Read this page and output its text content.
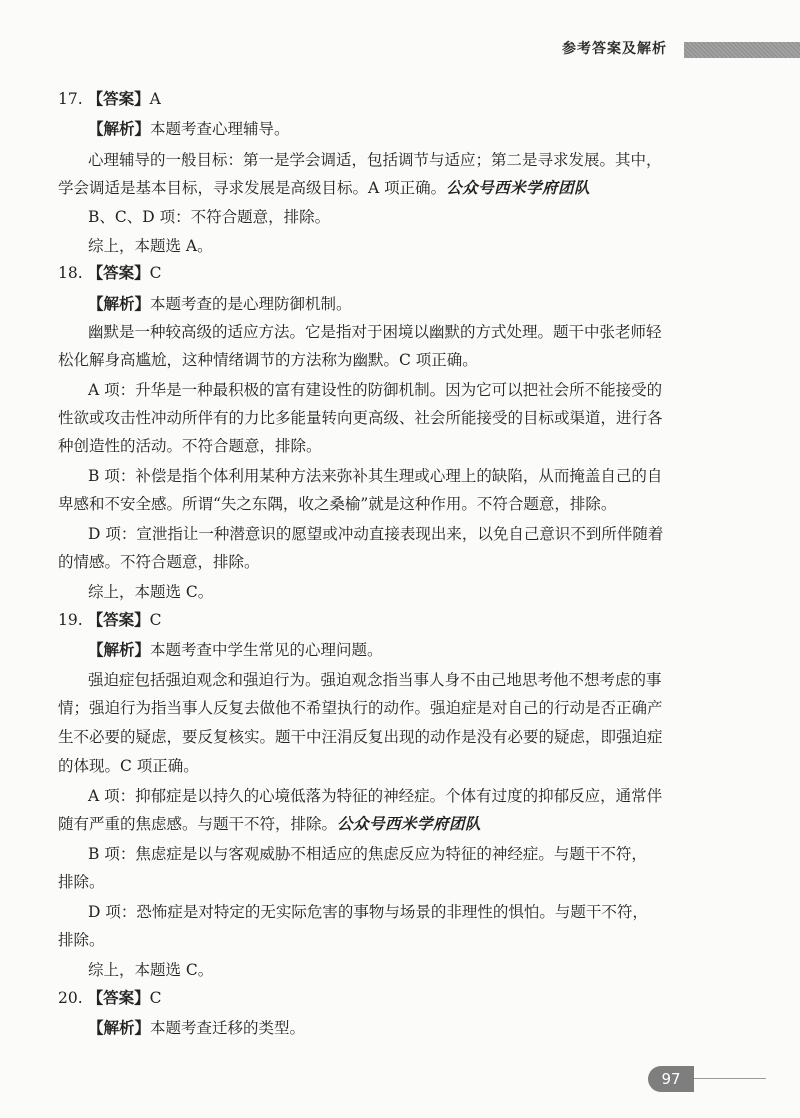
参考答案及解析
17. 【答案】A
【解析】本题考查心理辅导。
心理辅导的一般目标：第一是学会调适，包括调节与适应；第二是寻求发展。其中，
学会调适是基本目标，寻求发展是高级目标。A 项正确。公众号西米学府团队
B、C、D 项：不符合题意，排除。
综上，本题选 A。
18. 【答案】C
【解析】本题考查的是心理防御机制。
幽默是一种较高级的适应方法。它是指对于困境以幽默的方式处理。题干中张老师轻
松化解身高尴尬，这种情绪调节的方法称为幽默。C 项正确。
A 项：升华是一种最积极的富有建设性的防御机制。因为它可以把社会所不能接受的
性欲或攻击性冲动所伴有的力比多能量转向更高级、社会所能接受的目标或渠道，进行各
种创造性的活动。不符合题意，排除。
B 项：补偿是指个体利用某种方法来弥补其生理或心理上的缺陷，从而掩盖自己的自
卑感和不安全感。所谓“失之东隅，收之桑榆”就是这种作用。不符合题意，排除。
D 项：宣泄指让一种潜意识的愿望或冲动直接表现出来，以免自己意识不到所伴随着
的情感。不符合题意，排除。
综上，本题选 C。
19. 【答案】C
【解析】本题考查中学生常见的心理问题。
强迫症包括强迫观念和强迫行为。强迫观念指当事人身不由己地思考他不想考虑的事
情；强迫行为指当事人反复去做他不希望执行的动作。强迫症是对自己的行动是否正确产
生不必要的疑虑，要反复核实。题干中汪涓反复出现的动作是没有必要的疑虑，即强迫症
的体现。C 项正确。
A 项：抑郁症是以持久的心境低落为特征的神经症。个体有过度的抑郁反应，通常伴
随有严重的焦虑感。与题干不符，排除。公众号西米学府团队
B 项：焦虑症是以与客观威胁不相适应的焦虑反应为特征的神经症。与题干不符，
排除。
D 项：恐怖症是对特定的无实际危害的事物与场景的非理性的惧怕。与题干不符，
排除。
综上，本题选 C。
20. 【答案】C
【解析】本题考查迁移的类型。
97
